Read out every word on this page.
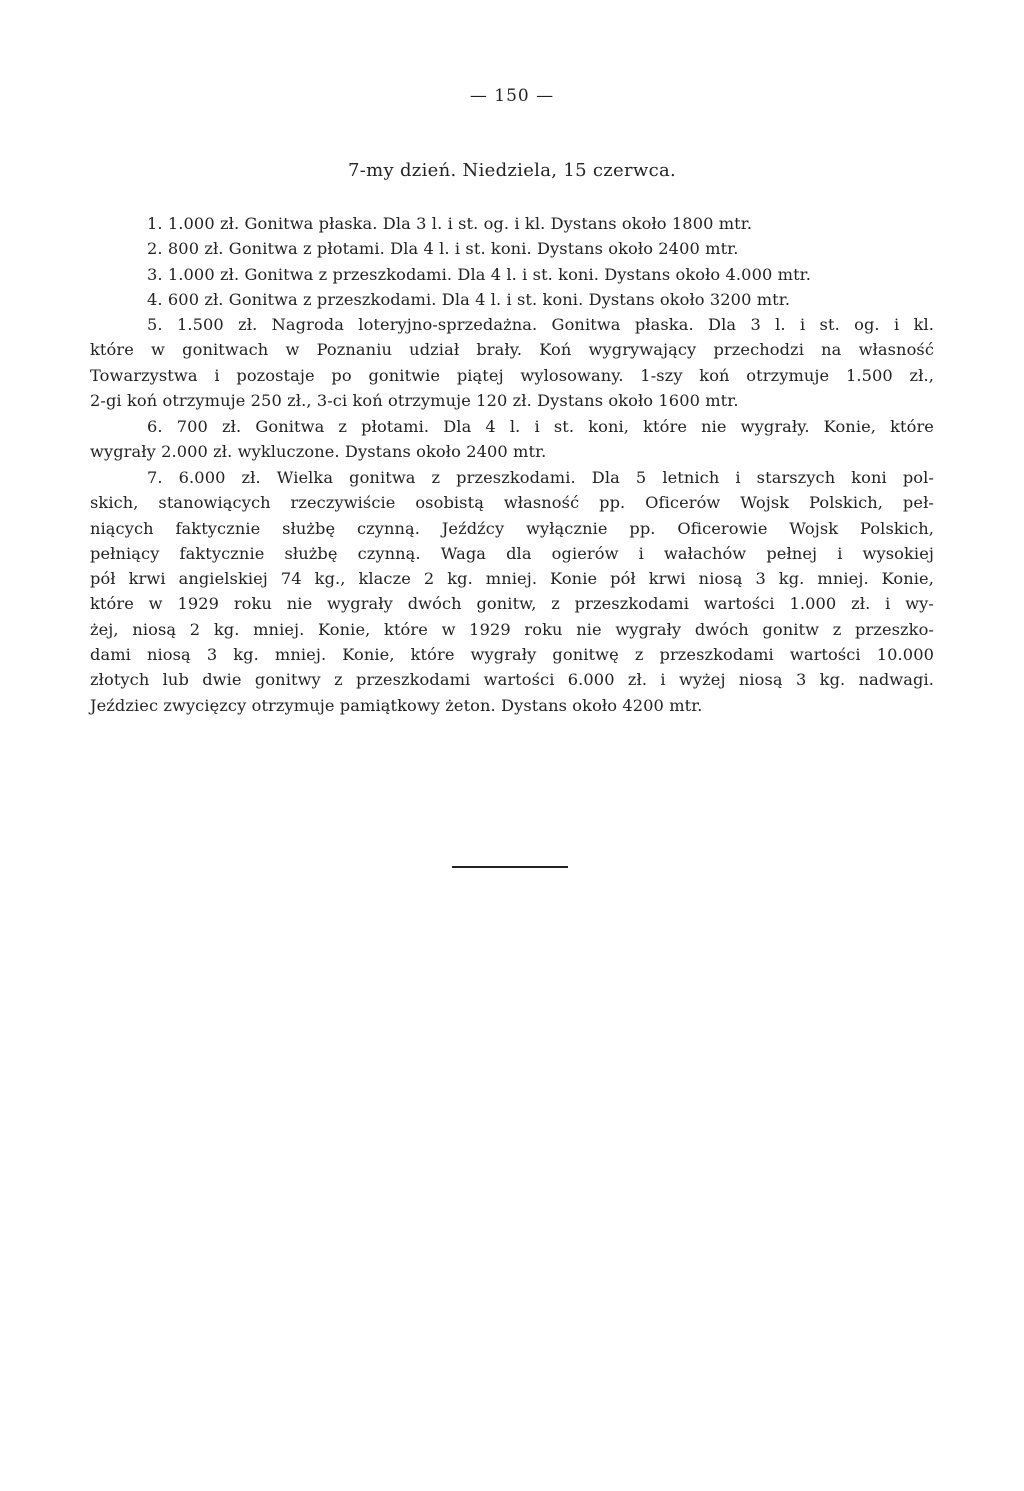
— 150 —
7-my dzień. Niedziela, 15 czerwca.
1. 1.000 zł. Gonitwa płaska. Dla 3 l. i st. og. i kl. Dystans około 1800 mtr.
2. 800 zł. Gonitwa z płotami. Dla 4 l. i st. koni. Dystans około 2400 mtr.
3. 1.000 zł. Gonitwa z przeszkodami. Dla 4 l. i st. koni. Dystans około 4.000 mtr.
4. 600 zł. Gonitwa z przeszkodami. Dla 4 l. i st. koni. Dystans około 3200 mtr.
5. 1.500 zł. Nagroda loteryjno-sprzedażna. Gonitwa płaska. Dla 3 l. i st. og. i kl.
które w gonitwach w Poznaniu udział brały. Koń wygrywający przechodzi na własność
Towarzystwa i pozostaje po gonitwie piątej wylosowany. 1-szy koń otrzymuje 1.500 zł.,
2-gi koń otrzymuje 250 zł., 3-ci koń otrzymuje 120 zł. Dystans około 1600 mtr.
6. 700 zł. Gonitwa z płotami. Dla 4 l. i st. koni, które nie wygrały. Konie, które
wygrały 2.000 zł. wykluczone. Dystans około 2400 mtr.
7. 6.000 zł. Wielka gonitwa z przeszkodami. Dla 5 letnich i starszych koni pol-
skich, stanowiących rzeczywiście osobistą własność pp. Oficerów Wojsk Polskich, peł-
niących faktycznie służbę czynną. Jeźdźcy wyłącznie pp. Oficerowie Wojsk Polskich,
pełniący faktycznie służbę czynną. Waga dla ogierów i wałachów pełnej i wysokiej
pół krwi angielskiej 74 kg., klacze 2 kg. mniej. Konie pół krwi niosą 3 kg. mniej. Konie,
które w 1929 roku nie wygrały dwóch gonitw, z przeszkodami wartości 1.000 zł. i wy-
żej, niosą 2 kg. mniej. Konie, które w 1929 roku nie wygrały dwóch gonitw z przeszko-
dami niosą 3 kg. mniej. Konie, które wygrały gonitwę z przeszkodami wartości 10.000
złotych lub dwie gonitwy z przeszkodami wartości 6.000 zł. i wyżej niosą 3 kg. nadwagi.
Jeździec zwycięzcy otrzymuje pamiątkowy żeton. Dystans około 4200 mtr.
